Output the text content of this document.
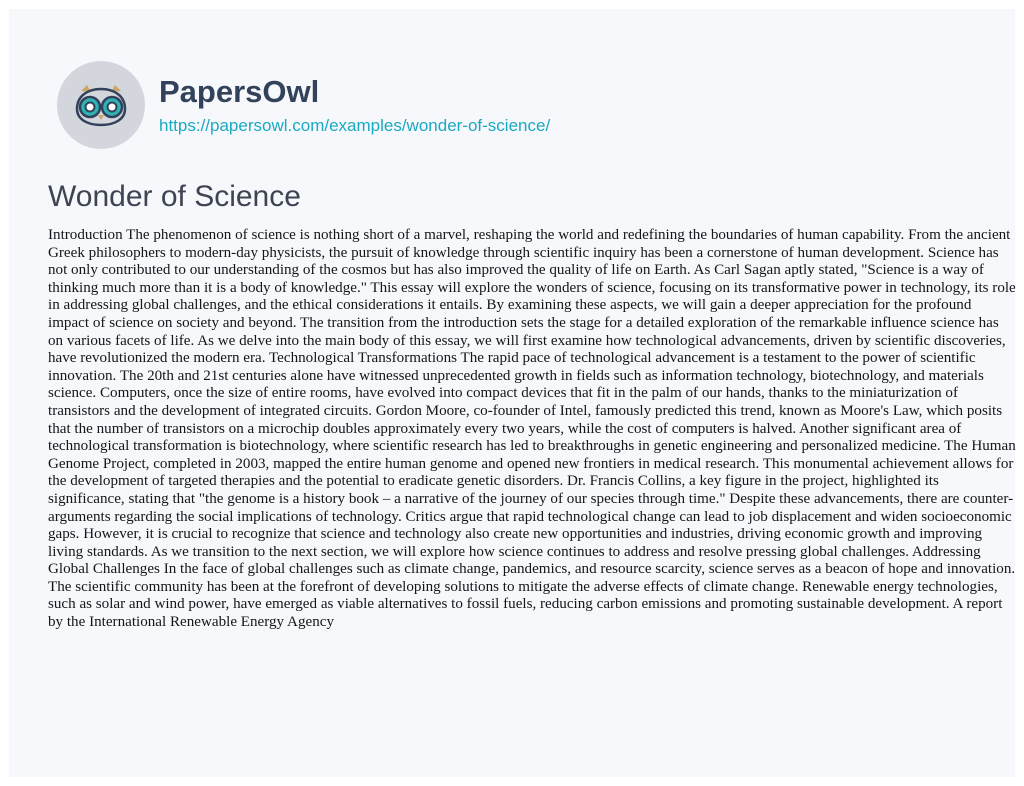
PapersOwl
https://papersowl.com/examples/wonder-of-science/
Wonder of Science

Introduction The phenomenon of science is nothing short of a marvel, reshaping the world and redefining the boundaries of human capability. From the ancient Greek philosophers to modern-day physicists, the pursuit of knowledge through scientific inquiry has been a cornerstone of human development. Science has not only contributed to our understanding of the cosmos but has also improved the quality of life on Earth. As Carl Sagan aptly stated, "Science is a way of thinking much more than it is a body of knowledge." This essay will explore the wonders of science, focusing on its transformative power in technology, its role in addressing global challenges, and the ethical considerations it entails. By examining these aspects, we will gain a deeper appreciation for the profound impact of science on society and beyond. The transition from the introduction sets the stage for a detailed exploration of the remarkable influence science has on various facets of life. As we delve into the main body of this essay, we will first examine how technological advancements, driven by scientific discoveries, have revolutionized the modern era. Technological Transformations The rapid pace of technological advancement is a testament to the power of scientific innovation. The 20th and 21st centuries alone have witnessed unprecedented growth in fields such as information technology, biotechnology, and materials science. Computers, once the size of entire rooms, have evolved into compact devices that fit in the palm of our hands, thanks to the miniaturization of transistors and the development of integrated circuits. Gordon Moore, co-founder of Intel, famously predicted this trend, known as Moore's Law, which posits that the number of transistors on a microchip doubles approximately every two years, while the cost of computers is halved. Another significant area of technological transformation is biotechnology, where scientific research has led to breakthroughs in genetic engineering and personalized medicine. The Human Genome Project, completed in 2003, mapped the entire human genome and opened new frontiers in medical research. This monumental achievement allows for the development of targeted therapies and the potential to eradicate genetic disorders. Dr. Francis Collins, a key figure in the project, highlighted its significance, stating that "the genome is a history book – a narrative of the journey of our species through time." Despite these advancements, there are counter-arguments regarding the social implications of technology. Critics argue that rapid technological change can lead to job displacement and widen socioeconomic gaps. However, it is crucial to recognize that science and technology also create new opportunities and industries, driving economic growth and improving living standards. As we transition to the next section, we will explore how science continues to address and resolve pressing global challenges. Addressing Global Challenges In the face of global challenges such as climate change, pandemics, and resource scarcity, science serves as a beacon of hope and innovation. The scientific community has been at the forefront of developing solutions to mitigate the adverse effects of climate change. Renewable energy technologies, such as solar and wind power, have emerged as viable alternatives to fossil fuels, reducing carbon emissions and promoting sustainable development. A report by the International Renewable Energy Agency
